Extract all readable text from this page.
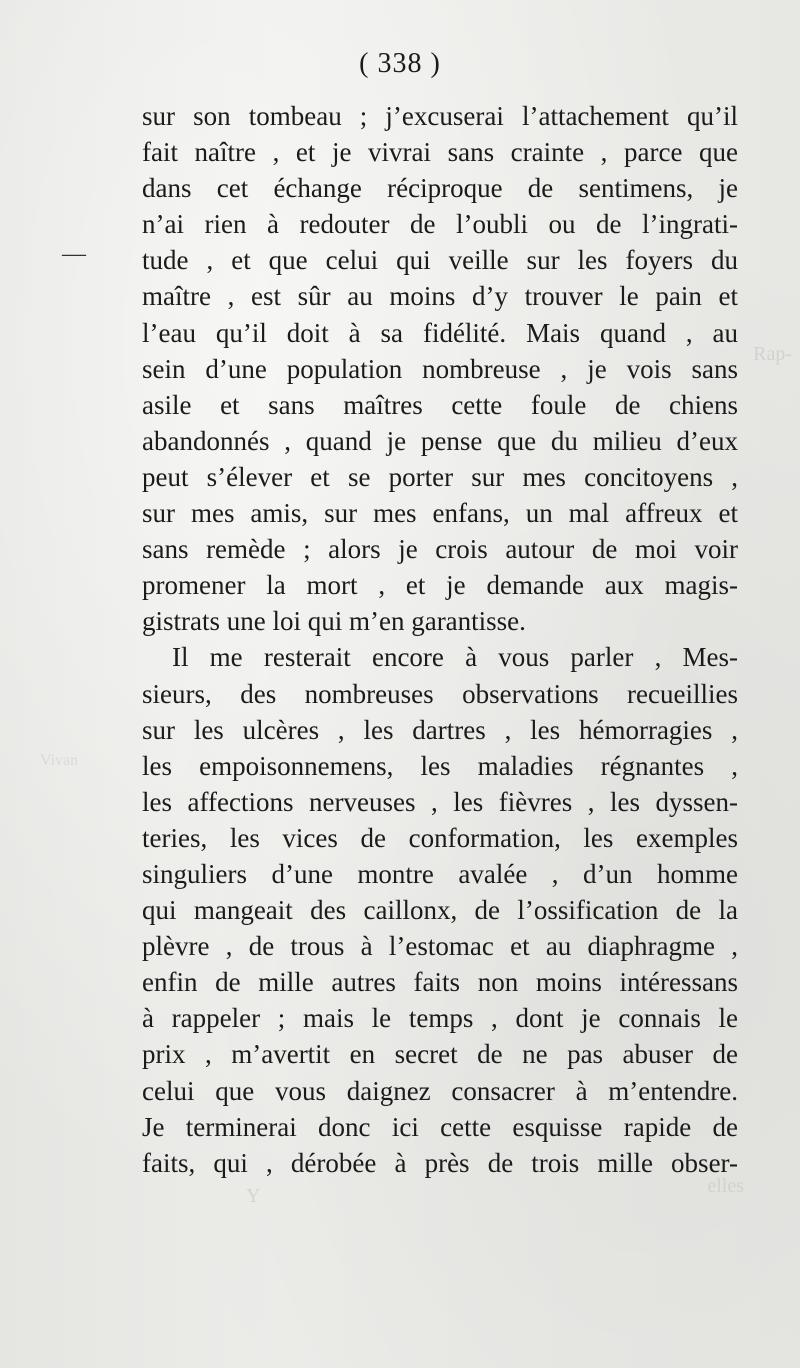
Rap-
Vivan
Y	elles
( 338 )
—
sur son tombeau ; j’excuserai l’attachement qu’il
fait naître , et je vivrai sans crainte , parce que
dans cet échange réciproque de sentimens, je
n’ai rien à redouter de l’oubli ou de l’ingrati-
tude , et que celui qui veille sur les foyers du
maître , est sûr au moins d’y trouver le pain et
l’eau qu’il doit à sa fidélité. Mais quand , au
sein d’une population nombreuse , je vois sans
asile et sans maîtres cette foule de chiens
abandonnés , quand je pense que du milieu d’eux
peut s’élever et se porter sur mes concitoyens ,
sur mes amis, sur mes enfans, un mal affreux et
sans remède ; alors je crois autour de moi voir
promener la mort , et je demande aux magis-
gistrats une loi qui m’en garantisse.
Il me resterait encore à vous parler , Mes-
sieurs, des nombreuses observations recueillies
sur les ulcères , les dartres , les hémorragies ,
les empoisonnemens, les maladies régnantes ,
les affections nerveuses , les fièvres , les dyssen-
teries, les vices de conformation, les exemples
singuliers d’une montre avalée , d’un homme
qui mangeait des caillonx, de l’ossification de la
plèvre , de trous à l’estomac et au diaphragme ,
enfin de mille autres faits non moins intéressans
à rappeler ; mais le temps , dont je connais le
prix , m’avertit en secret de ne pas abuser de
celui que vous daignez consacrer à m’entendre.
Je terminerai donc ici cette esquisse rapide de
faits, qui , dérobée à près de trois mille obser-
